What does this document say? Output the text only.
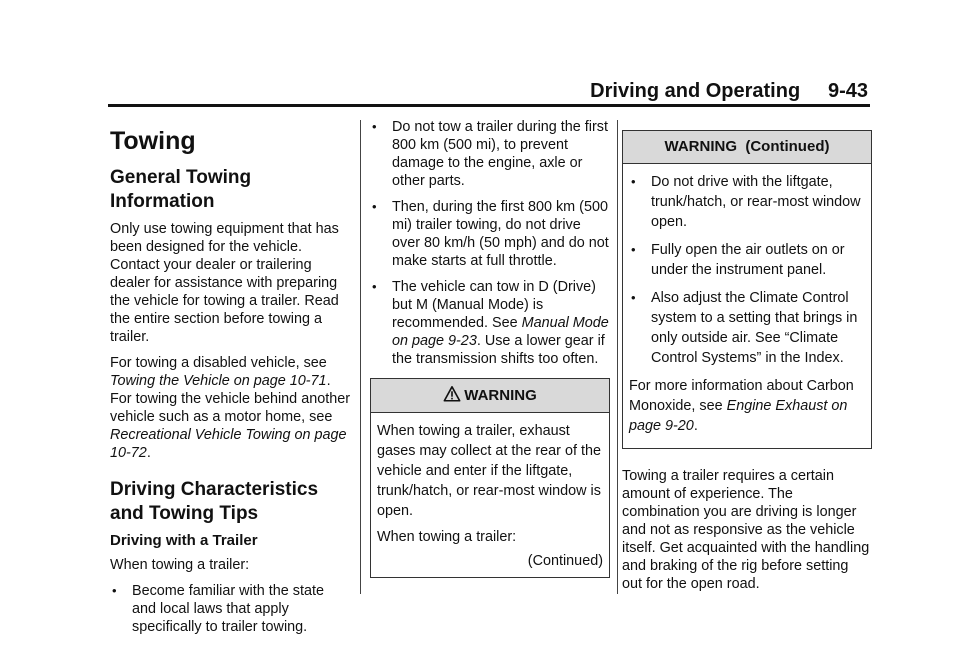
Driving and Operating     9-43
Towing
General Towing Information

Only use towing equipment that has been designed for the vehicle. Contact your dealer or trailering dealer for assistance with preparing the vehicle for towing a trailer. Read the entire section before towing a trailer.

For towing a disabled vehicle, see Towing the Vehicle on page 10-71. For towing the vehicle behind another vehicle such as a motor home, see Recreational Vehicle Towing on page 10-72.

Driving Characteristics and Towing Tips
Driving with a Trailer

When towing a trailer:

• Become familiar with the state and local laws that apply specifically to trailer towing.
• Do not tow a trailer during the first 800 km (500 mi), to prevent damage to the engine, axle or other parts.
• Then, during the first 800 km (500 mi) trailer towing, do not drive over 80 km/h (50 mph) and do not make starts at full throttle.
• The vehicle can tow in D (Drive) but M (Manual Mode) is recommended. See Manual Mode on page 9-23. Use a lower gear if the transmission shifts too often.
WARNING

When towing a trailer, exhaust gases may collect at the rear of the vehicle and enter if the liftgate, trunk/hatch, or rear-most window is open.

When towing a trailer:

(Continued)
WARNING  (Continued)
• Do not drive with the liftgate, trunk/hatch, or rear-most window open.
• Fully open the air outlets on or under the instrument panel.
• Also adjust the Climate Control system to a setting that brings in only outside air. See “Climate Control Systems” in the Index.

For more information about Carbon Monoxide, see Engine Exhaust on page 9-20.

Towing a trailer requires a certain amount of experience. The combination you are driving is longer and not as responsive as the vehicle itself. Get acquainted with the handling and braking of the rig before setting out for the open road.
